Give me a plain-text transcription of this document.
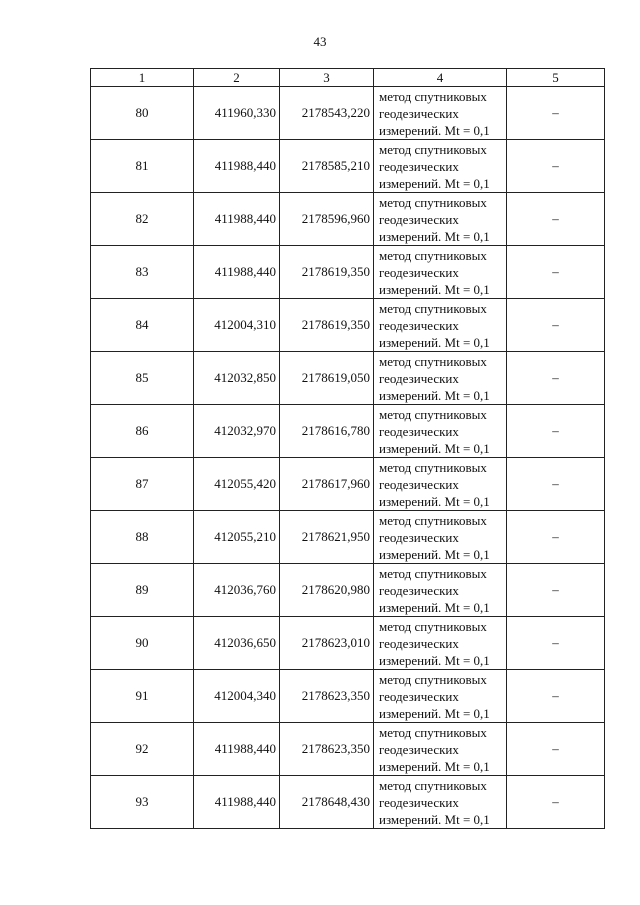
43
1	2	3	4	5
80	411960,330	2178543,220	метод спутниковых
геодезических
измерений. Mt = 0,1	–
81	411988,440	2178585,210	метод спутниковых
геодезических
измерений. Mt = 0,1	–
82	411988,440	2178596,960	метод спутниковых
геодезических
измерений. Mt = 0,1	–
83	411988,440	2178619,350	метод спутниковых
геодезических
измерений. Mt = 0,1	–
84	412004,310	2178619,350	метод спутниковых
геодезических
измерений. Mt = 0,1	–
85	412032,850	2178619,050	метод спутниковых
геодезических
измерений. Mt = 0,1	–
86	412032,970	2178616,780	метод спутниковых
геодезических
измерений. Mt = 0,1	–
87	412055,420	2178617,960	метод спутниковых
геодезических
измерений. Mt = 0,1	–
88	412055,210	2178621,950	метод спутниковых
геодезических
измерений. Mt = 0,1	–
89	412036,760	2178620,980	метод спутниковых
геодезических
измерений. Mt = 0,1	–
90	412036,650	2178623,010	метод спутниковых
геодезических
измерений. Mt = 0,1	–
91	412004,340	2178623,350	метод спутниковых
геодезических
измерений. Mt = 0,1	–
92	411988,440	2178623,350	метод спутниковых
геодезических
измерений. Mt = 0,1	–
93	411988,440	2178648,430	метод спутниковых
геодезических
измерений. Mt = 0,1	–
